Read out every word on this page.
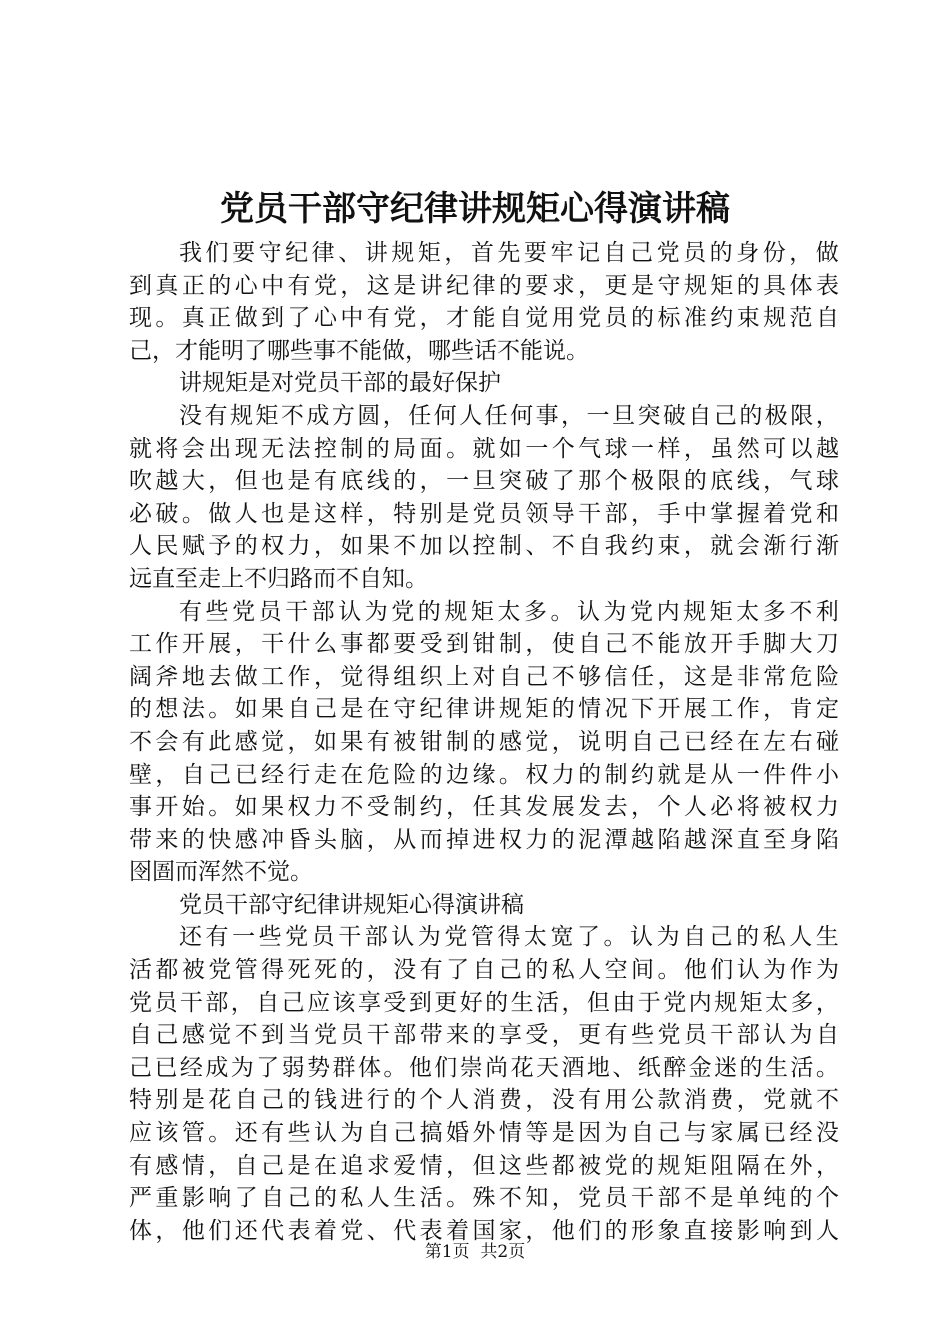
党员干部守纪律讲规矩心得演讲稿
我 们 要 守 纪 律 、 讲 规 矩 ， 首 先 要 牢 记 自 己 党 员 的 身 份 ， 做
到 真 正 的 心 中 有 党 ， 这 是 讲 纪 律 的 要 求 ， 更 是 守 规 矩 的 具 体 表
现 。 真 正 做 到 了 心 中 有 党 ， 才 能 自 觉 用 党 员 的 标 准 约 束 规 范 自
己，才能明了哪些事不能做，哪些话不能说。
讲规矩是对党员干部的最好保护
没 有 规 矩 不 成 方 圆 ， 任 何 人 任 何 事 ， 一 旦 突 破 自 己 的 极 限 ，
就 将 会 出 现 无 法 控 制 的 局 面 。 就 如 一 个 气 球 一 样 ， 虽 然 可 以 越
吹 越 大 ， 但 也 是 有 底 线 的 ， 一 旦 突 破 了 那 个 极 限 的 底 线 ， 气 球
必 破 。 做 人 也 是 这 样 ， 特 别 是 党 员 领 导 干 部 ， 手 中 掌 握 着 党 和
人 民 赋 予 的 权 力 ， 如 果 不 加 以 控 制 、 不 自 我 约 束 ， 就 会 渐 行 渐
远直至走上不归路而不自知。
有 些 党 员 干 部 认 为 党 的 规 矩 太 多 。 认 为 党 内 规 矩 太 多 不 利
工 作 开 展 ， 干 什 么 事 都 要 受 到 钳 制 ， 使 自 己 不 能 放 开 手 脚 大 刀
阔 斧 地 去 做 工 作 ， 觉 得 组 织 上 对 自 己 不 够 信 任 ， 这 是 非 常 危 险
的 想 法 。 如 果 自 己 是 在 守 纪 律 讲 规 矩 的 情 况 下 开 展 工 作 ， 肯 定
不 会 有 此 感 觉 ， 如 果 有 被 钳 制 的 感 觉 ， 说 明 自 己 已 经 在 左 右 碰
壁 ， 自 己 已 经 行 走 在 危 险 的 边 缘 。 权 力 的 制 约 就 是 从 一 件 件 小
事 开 始 。 如 果 权 力 不 受 制 约 ， 任 其 发 展 发 去 ， 个 人 必 将 被 权 力
带 来 的 快 感 冲 昏 头 脑 ， 从 而 掉 进 权 力 的 泥 潭 越 陷 越 深 直 至 身 陷
囹圄而浑然不觉。
党员干部守纪律讲规矩心得演讲稿
还 有 一 些 党 员 干 部 认 为 党 管 得 太 宽 了 。 认 为 自 己 的 私 人 生
活 都 被 党 管 得 死 死 的 ， 没 有 了 自 己 的 私 人 空 间 。 他 们 认 为 作 为
党 员 干 部 ， 自 己 应 该 享 受 到 更 好 的 生 活 ， 但 由 于 党 内 规 矩 太 多 ，
自 己 感 觉 不 到 当 党 员 干 部 带 来 的 享 受 ， 更 有 些 党 员 干 部 认 为 自
己 已 经 成 为 了 弱 势 群 体 。 他 们 崇 尚 花 天 酒 地 、 纸 醉 金 迷 的 生 活 。
特 别 是 花 自 己 的 钱 进 行 的 个 人 消 费 ， 没 有 用 公 款 消 费 ， 党 就 不
应 该 管 。 还 有 些 认 为 自 己 搞 婚 外 情 等 是 因 为 自 己 与 家 属 已 经 没
有 感 情 ， 自 己 是 在 追 求 爱 情 ， 但 这 些 都 被 党 的 规 矩 阻 隔 在 外 ，
严 重 影 响 了 自 己 的 私 人 生 活 。 殊 不 知 ， 党 员 干 部 不 是 单 纯 的 个
体 ， 他 们 还 代 表 着 党 、 代 表 着 国 家 ， 他 们 的 形 象 直 接 影 响 到 人
第1页  共2页
